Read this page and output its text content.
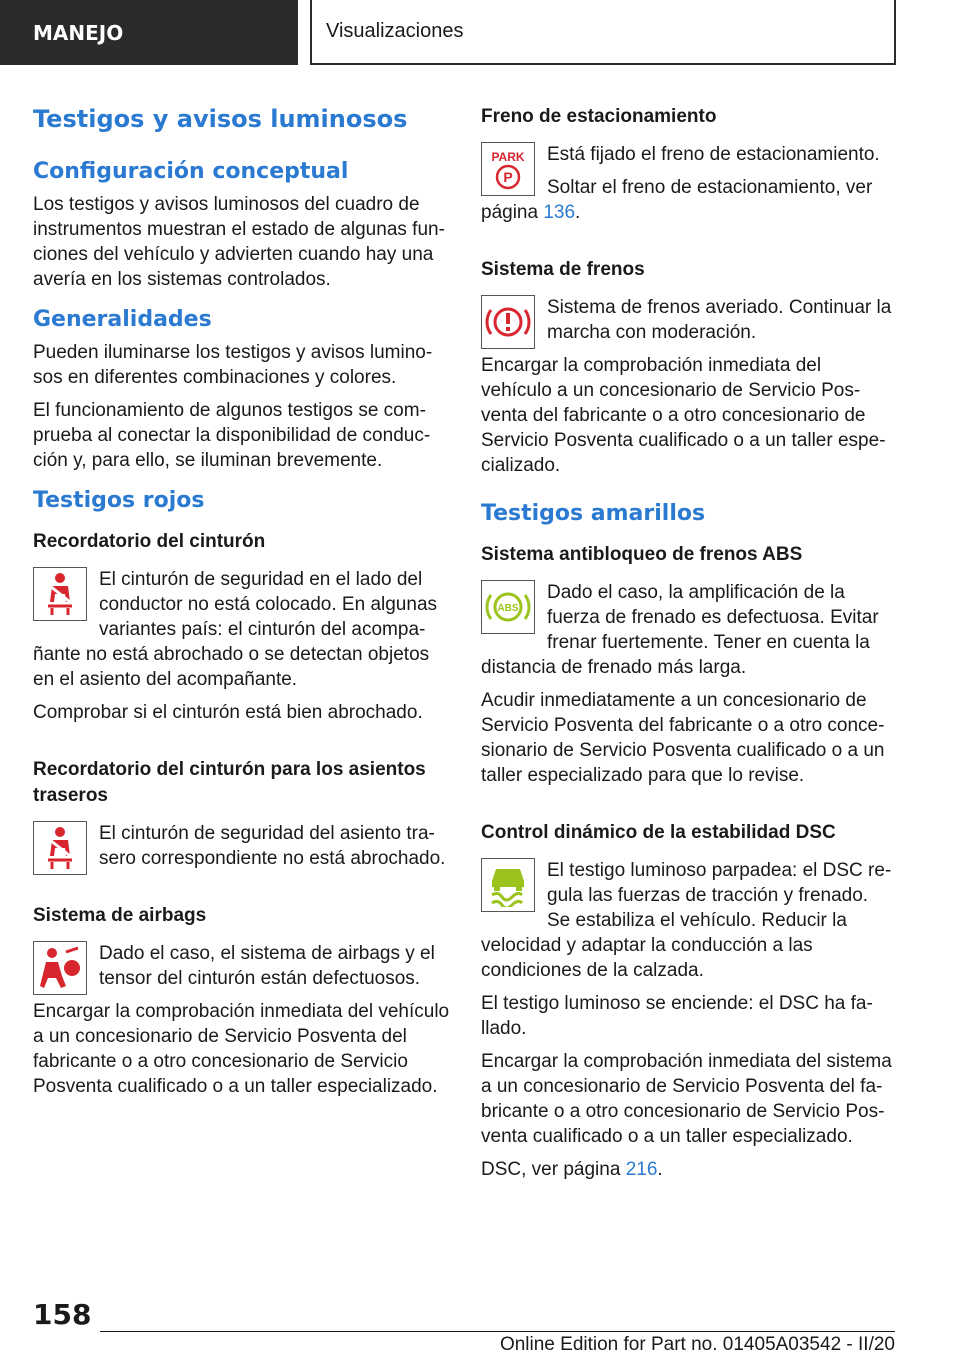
MANEJO	Visualizaciones
Testigos y avisos luminosos
Configuración conceptual

Los testigos y avisos luminosos del cuadro de instrumentos muestran el estado de algunas funciones del vehículo y advierten cuando hay una avería en los sistemas controlados.

Generalidades

Pueden iluminarse los testigos y avisos luminosos en diferentes combinaciones y colores.

El funcionamiento de algunos testigos se comprueba al conectar la disponibilidad de conducción y, para ello, se iluminan brevemente.

Testigos rojos
Recordatorio del cinturón

El cinturón de seguridad en el lado del conductor no está colocado. En algunas variantes país: el cinturón del acompañante no está abrochado o se detectan objetos en el asiento del acompañante.

Comprobar si el cinturón está bien abrochado.

Recordatorio del cinturón para los asientos traseros

El cinturón de seguridad del asiento trasero correspondiente no está abrochado.

Sistema de airbags

Dado el caso, el sistema de airbags y el tensor del cinturón están defectuosos.

Encargar la comprobación inmediata del vehículo a un concesionario de Servicio Posventa del fabricante o a otro concesionario de Servicio Posventa cualificado o a un taller especializado.

Freno de estacionamiento
PARK
P

Está fijado el freno de estacionamiento.

Soltar el freno de estacionamiento, ver página 136.

Sistema de frenos

Sistema de frenos averiado. Continuar la marcha con moderación.

Encargar la comprobación inmediata del vehículo a un concesionario de Servicio Posventa del fabricante o a otro concesionario de Servicio Posventa cualificado o a un taller especializado.

Testigos amarillos
Sistema antibloqueo de frenos ABS
ABS

Dado el caso, la amplificación de la fuerza de frenado es defectuosa. Evitar frenar fuertemente. Tener en cuenta la distancia de frenado más larga.

Acudir inmediatamente a un concesionario de Servicio Posventa del fabricante o a otro concesionario de Servicio Posventa cualificado o a un taller especializado para que lo revise.

Control dinámico de la estabilidad DSC

El testigo luminoso parpadea: el DSC regula las fuerzas de tracción y frenado. Se estabiliza el vehículo. Reducir la velocidad y adaptar la conducción a las condiciones de la calzada.

El testigo luminoso se enciende: el DSC ha fallado.

Encargar la comprobación inmediata del sistema a un concesionario de Servicio Posventa del fabricante o a otro concesionario de Servicio Posventa cualificado o a un taller especializado.

DSC, ver página 216.

158
Online Edition for Part no. 01405A03542 - II/20
